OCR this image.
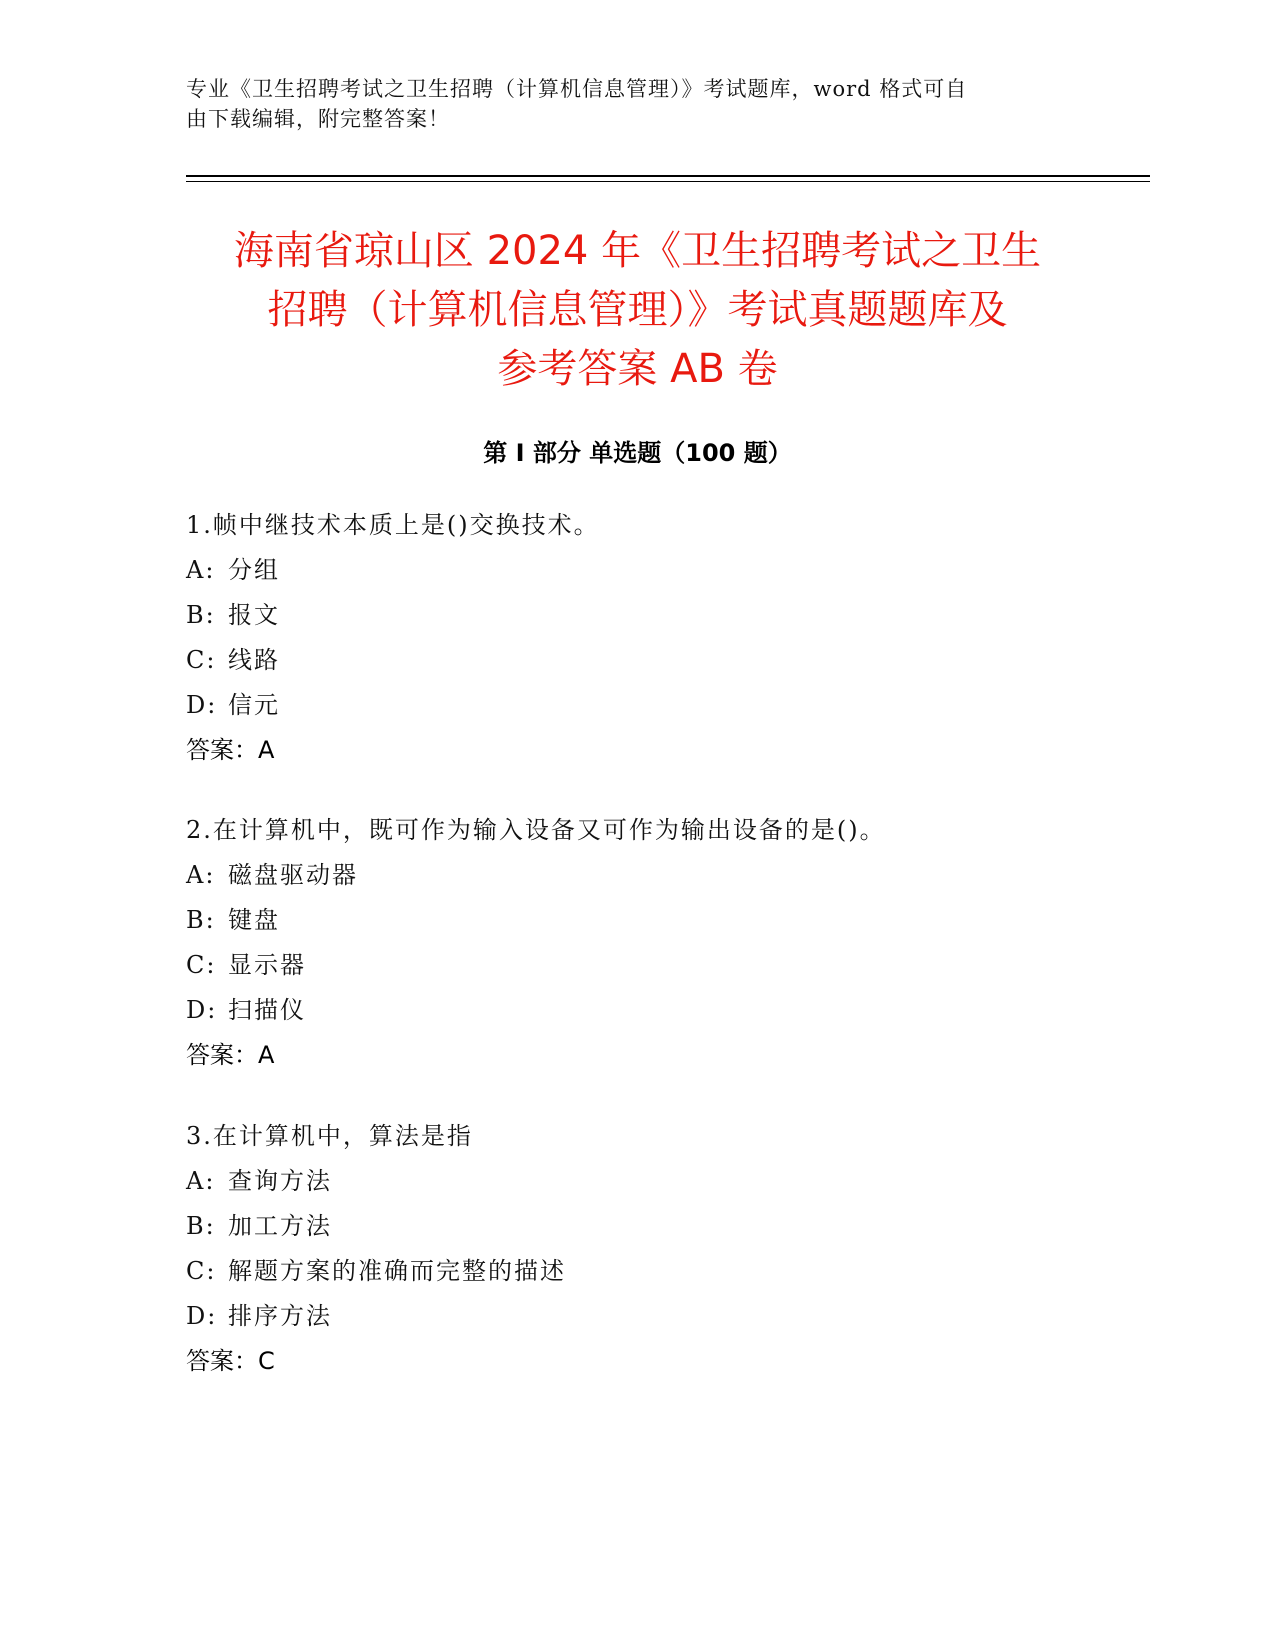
专业《卫生招聘考试之卫生招聘（计算机信息管理）》考试题库，word 格式可自
由下载编辑，附完整答案！
海南省琼山区 2024 年《卫生招聘考试之卫生
招聘（计算机信息管理）》考试真题题库及
参考答案 AB 卷
第 I 部分 单选题（100 题）
1.帧中继技术本质上是()交换技术。
A: 分组
B: 报文
C: 线路
D: 信元
答案：A
2.在计算机中，既可作为输入设备又可作为输出设备的是()。
A: 磁盘驱动器
B: 键盘
C: 显示器
D: 扫描仪
答案：A
3.在计算机中，算法是指
A: 查询方法
B: 加工方法
C: 解题方案的准确而完整的描述
D: 排序方法
答案：C
